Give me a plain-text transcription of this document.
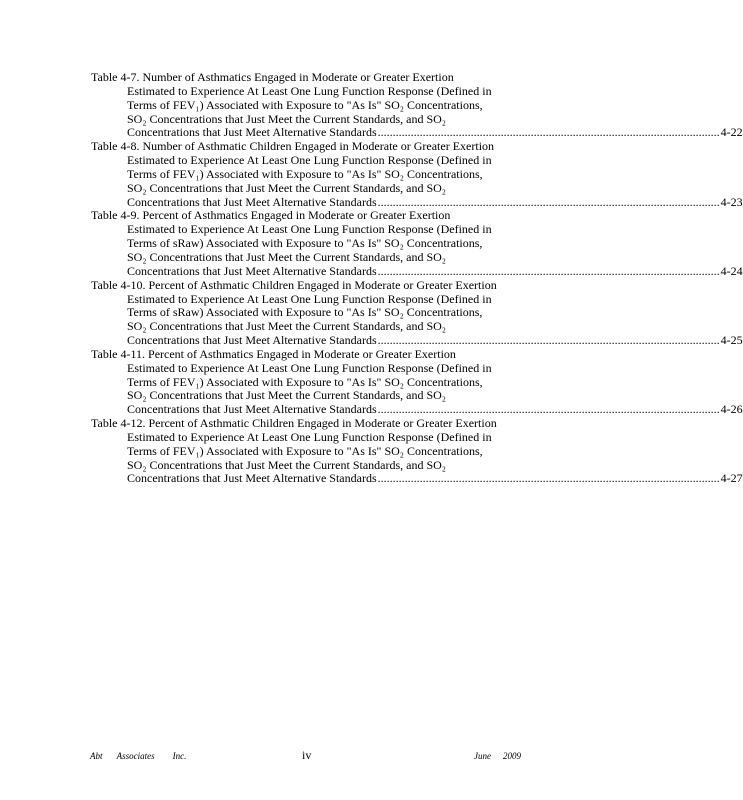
Table 4-7. Number of Asthmatics Engaged in Moderate or Greater Exertion
Estimated to Experience At Least One Lung Function Response (Defined in
Terms of FEV₁) Associated with Exposure to "As Is" SO₂ Concentrations,
SO₂ Concentrations that Just Meet the Current Standards, and SO₂
Concentrations that Just Meet Alternative Standards .................................................................................................................. 4-22
Table 4-8. Number of Asthmatic Children Engaged in Moderate or Greater Exertion
Estimated to Experience At Least One Lung Function Response (Defined in
Terms of FEV₁) Associated with Exposure to "As Is" SO₂ Concentrations,
SO₂ Concentrations that Just Meet the Current Standards, and SO₂
Concentrations that Just Meet Alternative Standards .................................................................................................................. 4-23
Table 4-9. Percent of Asthmatics Engaged in Moderate or Greater Exertion
Estimated to Experience At Least One Lung Function Response (Defined in
Terms of sRaw) Associated with Exposure to "As Is" SO₂ Concentrations,
SO₂ Concentrations that Just Meet the Current Standards, and SO₂
Concentrations that Just Meet Alternative Standards .................................................................................................................. 4-24
Table 4-10. Percent of Asthmatic Children Engaged in Moderate or Greater Exertion
Estimated to Experience At Least One Lung Function Response (Defined in
Terms of sRaw) Associated with Exposure to "As Is" SO₂ Concentrations,
SO₂ Concentrations that Just Meet the Current Standards, and SO₂
Concentrations that Just Meet Alternative Standards .................................................................................................................. 4-25
Table 4-11. Percent of Asthmatics Engaged in Moderate or Greater Exertion
Estimated to Experience At Least One Lung Function Response (Defined in
Terms of FEV₁) Associated with Exposure to "As Is" SO₂ Concentrations,
SO₂ Concentrations that Just Meet the Current Standards, and SO₂
Concentrations that Just Meet Alternative Standards .................................................................................................................. 4-26
Table 4-12. Percent of Asthmatic Children Engaged in Moderate or Greater Exertion
Estimated to Experience At Least One Lung Function Response (Defined in
Terms of FEV₁) Associated with Exposure to "As Is" SO₂ Concentrations,
SO₂ Concentrations that Just Meet the Current Standards, and SO₂
Concentrations that Just Meet Alternative Standards .................................................................................................................. 4-27
Abt Associates Inc.	iv	June 2009
